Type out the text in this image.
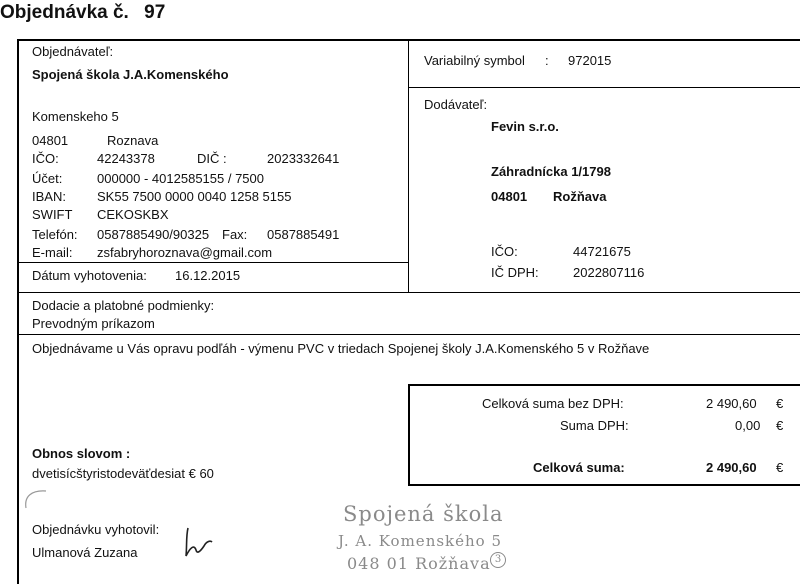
Objednávka č. 97
Objednávateľ:
Spojená škola J.A.Komenského
Komenskeho 5
04801	Roznava
IČO:	42243378	DIČ :	2023332641
Účet:	000000 - 4012585155 / 7500
IBAN: SK55 7500 0000 0040 1258 5155
SWIFT CEKOSKBX
Telefón: 0587885490/90325 Fax: 0587885491
E-mail: zsfabryhoroznava@gmail.com
Variabilný symbol : 972015
Dodávateľ:
Fevin s.r.o.
Záhradnícka 1/1798
04801 Rožňava
IČO:	44721675
IČ DPH:	2022807116
Dátum vyhotovenia: 16.12.2015
Dodacie a platobné podmienky:
Prevodným príkazom
Objednávame u Vás opravu podľáh - výmenu PVC v triedach Spojenej školy J.A.Komenského 5 v Rožňave
Celková suma bez DPH:	2 490,60 €
Suma DPH:	0,00 €
Celková suma:	2 490,60 €
Obnos slovom :
dvetisícštyristodeväťdesiat € 60
Objednávku vyhotovil:
Ulmanová Zuzana
Spojená škola
J. A. Komenského 5
048 01 Rožňava 3
